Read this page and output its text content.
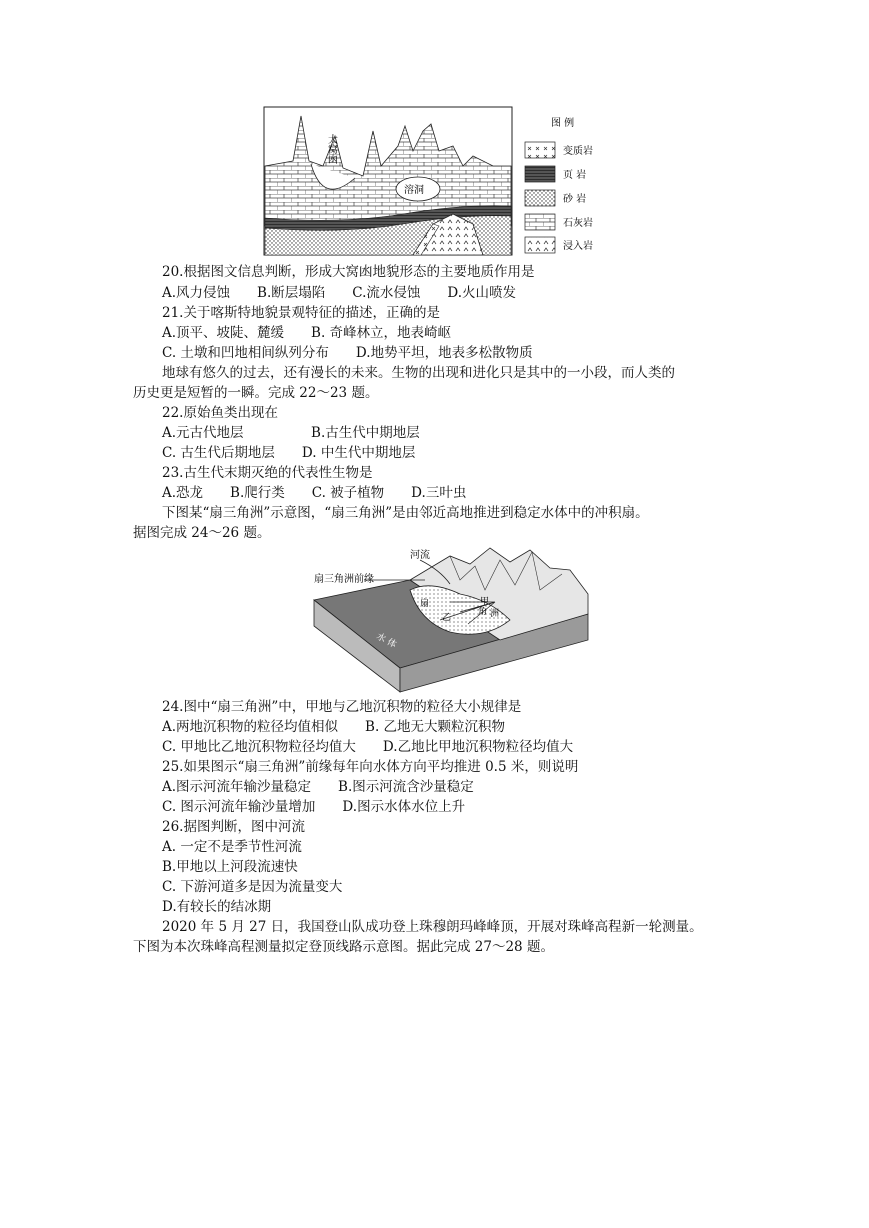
大窝凼
溶洞
图 例
变质岩
页 岩
砂 岩
石灰岩
浸入岩
20.根据图文信息判断，形成大窝凼地貌形态的主要地质作用是
A.风力侵蚀　　B.断层塌陷　　C.流水侵蚀　　D.火山喷发
21.关于喀斯特地貌景观特征的描述，正确的是
A.顶平、坡陡、麓缓　　B. 奇峰林立，地表崎岖
C. 土墩和凹地相间纵列分布　　D.地势平坦，地表多松散物质
地球有悠久的过去，还有漫长的未来。生物的出现和进化只是其中的一小段，而人类的
历史更是短暂的一瞬。完成 22～23 题。
22.原始鱼类出现在
A.元古代地层　　　　　B.古生代中期地层
C. 古生代后期地层　　D. 中生代中期地层
23.古生代末期灭绝的代表性生物是
A.恐龙　　B.爬行类　　C. 被子植物　　D.三叶虫
下图某“扇三角洲”示意图，“扇三角洲”是由邻近高地推进到稳定水体中的冲积扇。
据图完成 24～26 题。
河流
扇三角洲前缘
扇	甲
角 洲
乙
水 体
24.图中“扇三角洲”中，甲地与乙地沉积物的粒径大小规律是
A.两地沉积物的粒径均值相似　　B. 乙地无大颗粒沉积物
C. 甲地比乙地沉积物粒径均值大　　D.乙地比甲地沉积物粒径均值大
25.如果图示“扇三角洲”前缘每年向水体方向平均推进 0.5 米，则说明
A.图示河流年输沙量稳定　　B.图示河流含沙量稳定
C. 图示河流年输沙量增加　　D.图示水体水位上升
26.据图判断，图中河流
A. 一定不是季节性河流
B.甲地以上河段流速快
C. 下游河道多是因为流量变大
D.有较长的结冰期
2020 年 5 月 27 日，我国登山队成功登上珠穆朗玛峰峰顶，开展对珠峰高程新一轮测量。
下图为本次珠峰高程测量拟定登顶线路示意图。据此完成 27～28 题。
